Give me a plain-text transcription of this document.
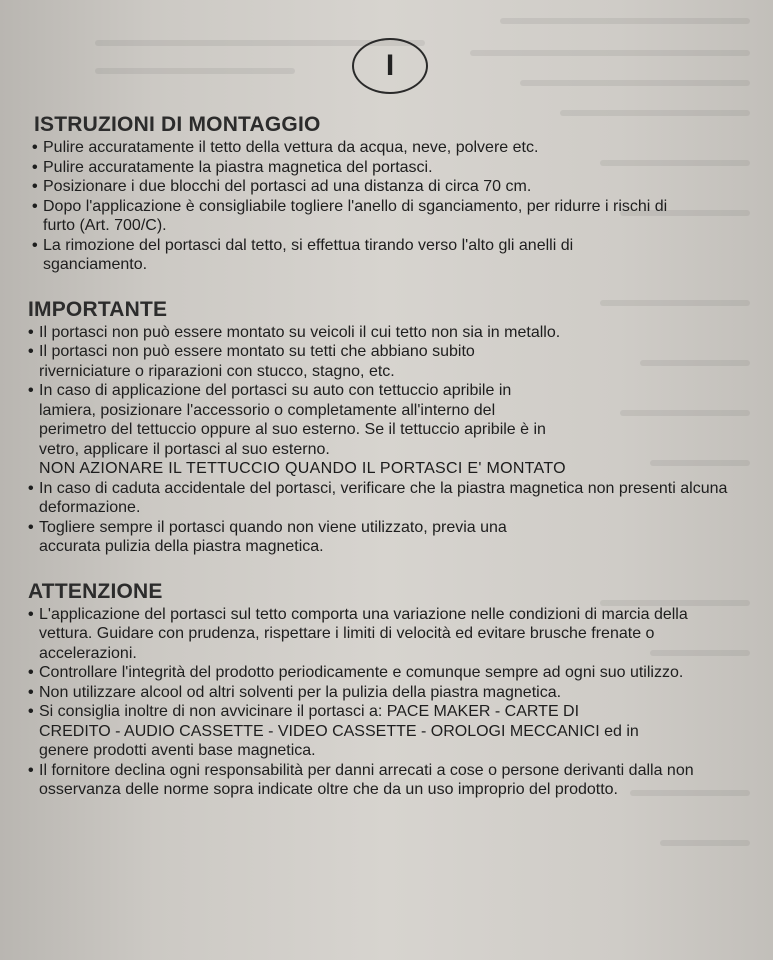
I
ISTRUZIONI DI MONTAGGIO
• Pulire accuratamente il tetto della vettura da acqua, neve, polvere etc.
• Pulire accuratamente la piastra magnetica del portasci.
• Posizionare i due blocchi del portasci ad una distanza di circa 70 cm.
• Dopo l'applicazione è consigliabile togliere l'anello di sganciamento, per ridurre i rischi di furto (Art. 700/C).
• La rimozione del portasci dal tetto, si effettua tirando verso l'alto gli anelli di sganciamento.
IMPORTANTE
• Il portasci non può essere montato su veicoli il cui tetto non sia in metallo.
• Il portasci non può essere montato su tetti che abbiano subito riverniciature o riparazioni con stucco, stagno, etc.
• In caso di applicazione del portasci su auto con tettuccio apribile in lamiera, posizionare l'accessorio o completamente all'interno del perimetro del tettuccio oppure al suo esterno. Se il tettuccio apribile è in vetro, applicare il portasci al suo esterno.
NON AZIONARE IL TETTUCCIO QUANDO IL PORTASCI E' MONTATO
• In caso di caduta accidentale del portasci, verificare che la piastra magnetica non presenti alcuna deformazione.
• Togliere sempre il portasci quando non viene utilizzato, previa una accurata pulizia della piastra magnetica.
ATTENZIONE
• L'applicazione del portasci sul tetto comporta una variazione nelle condizioni di marcia della vettura. Guidare con prudenza, rispettare i limiti di velocità ed evitare brusche frenate o accelerazioni.
• Controllare l'integrità del prodotto periodicamente e comunque sempre ad ogni suo utilizzo.
• Non utilizzare alcool od altri solventi per la pulizia della piastra magnetica.
• Si consiglia inoltre di non avvicinare il portasci a: PACE MAKER - CARTE DI CREDITO - AUDIO CASSETTE - VIDEO CASSETTE - OROLOGI MECCANICI ed in genere prodotti aventi base magnetica.
• Il fornitore declina ogni responsabilità per danni arrecati a cose o persone derivanti dalla non osservanza delle norme sopra indicate oltre che da un uso improprio del prodotto.
